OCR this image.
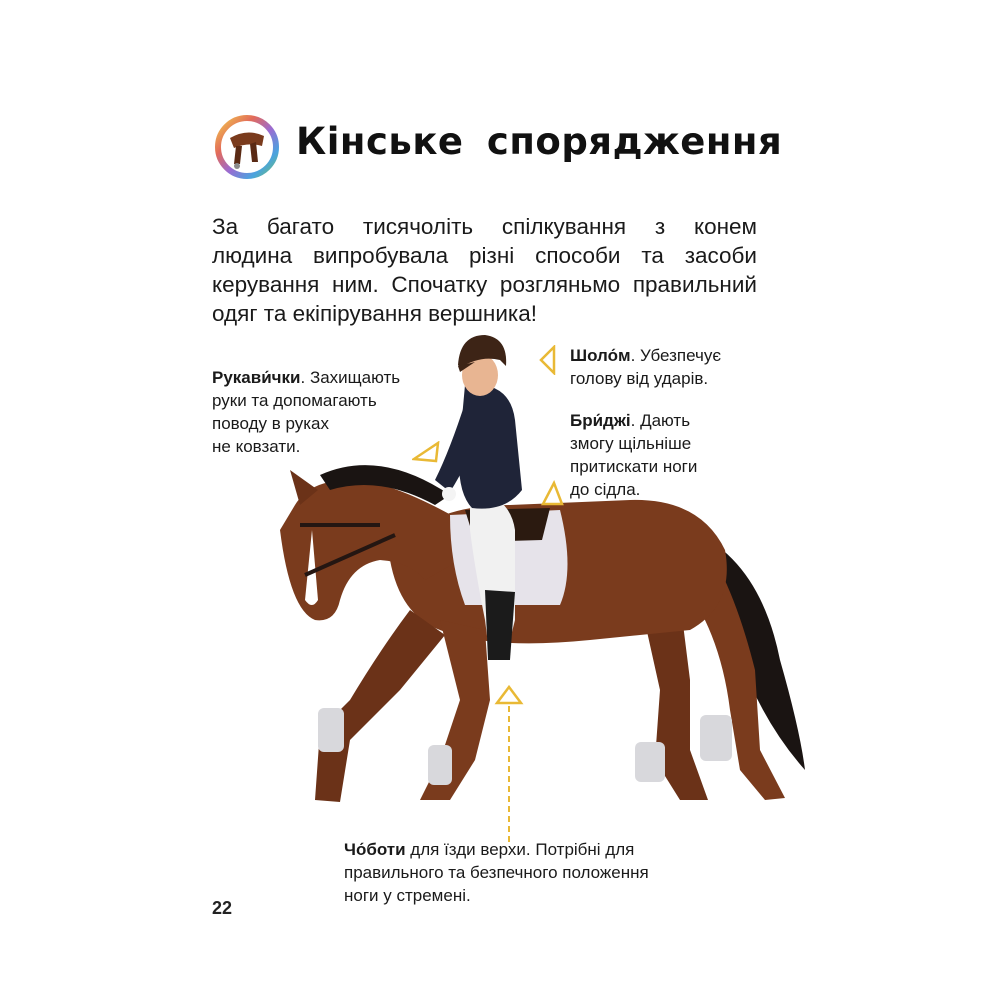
Кінське спорядження

За багато тисячоліть спілкування з конем
людина випробувала різні способи та засоби
керування ним. Спочатку розгляньмо правильний
одяг та екіпірування вершника!

Рукави́чки. Захищають
руки та допомагають
поводу в руках
не ковзати.

Шоло́м. Убезпечує
голову від ударів.

Бри́джі. Дають
змогу щільніше
притискати ноги
до сідла.

Чо́боти для їзди верхи. Потрібні для
правильного та безпечного положення
ноги у стремені.

22
